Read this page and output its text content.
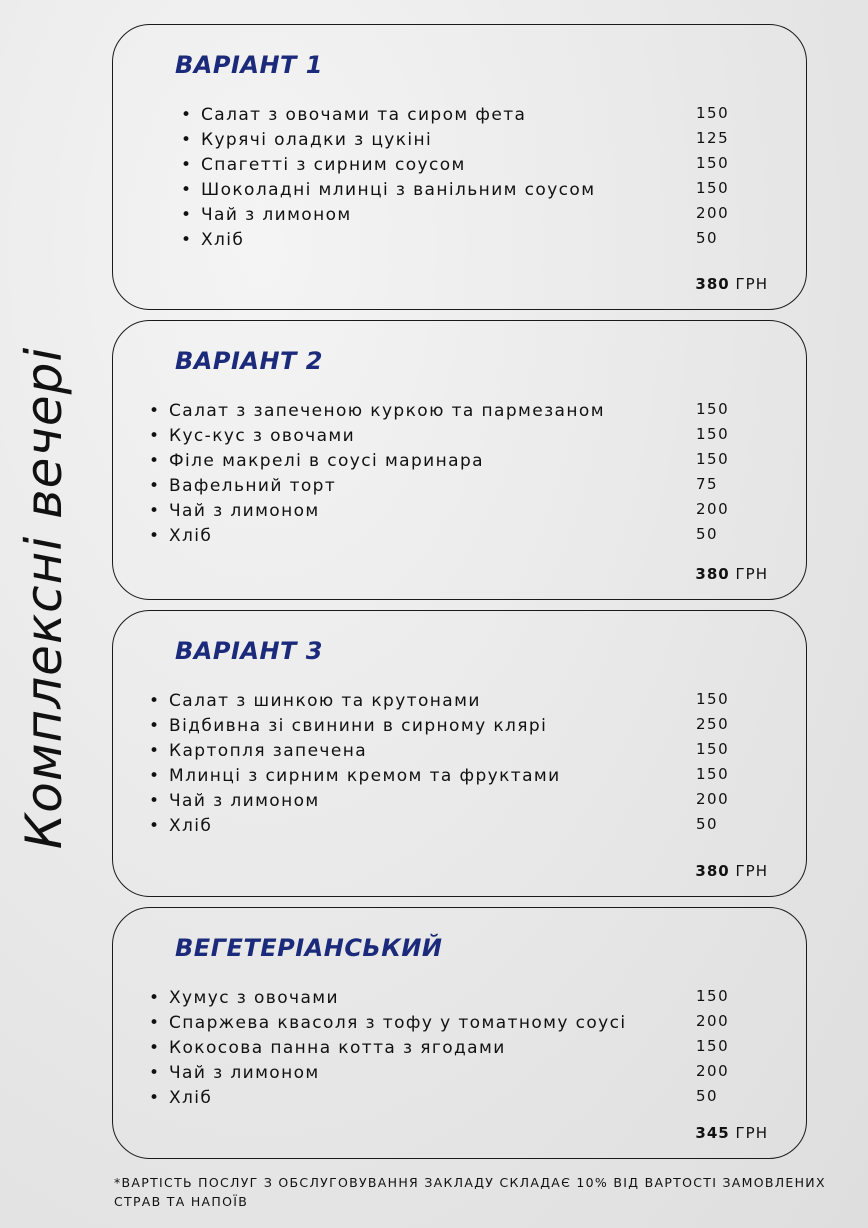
Комплексні вечері
ВАРІАНТ 1
• Салат з овочами та сиром фета	150
• Курячі оладки з цукіні	125
• Спагетті з сирним соусом	150
• Шоколадні млинці з ванільним соусом	150
• Чай з лимоном	200
• Хліб	50
380 ГРН
ВАРІАНТ 2
• Салат з запеченою куркою та пармезаном	150
• Кус-кус з овочами	150
• Філе макрелі в соусі маринара	150
• Вафельний торт	75
• Чай з лимоном	200
• Хліб	50
380 ГРН
ВАРІАНТ 3
• Салат з шинкою та крутонами	150
• Відбивна зі свинини в сирному клярі	250
• Картопля запечена	150
• Млинці з сирним кремом та фруктами	150
• Чай з лимоном	200
• Хліб	50
380 ГРН
ВЕГЕТЕРІАНСЬКИЙ
• Хумус з овочами	150
• Спаржева квасоля з тофу у томатному соусі	200
• Кокосова панна котта з ягодами	150
• Чай з лимоном	200
• Хліб	50
345 ГРН
*ВАРТІСТЬ ПОСЛУГ З ОБСЛУГОВУВАННЯ ЗАКЛАДУ СКЛАДАЄ 10% ВІД ВАРТОСТІ ЗАМОВЛЕНИХ СТРАВ ТА НАПОЇВ
